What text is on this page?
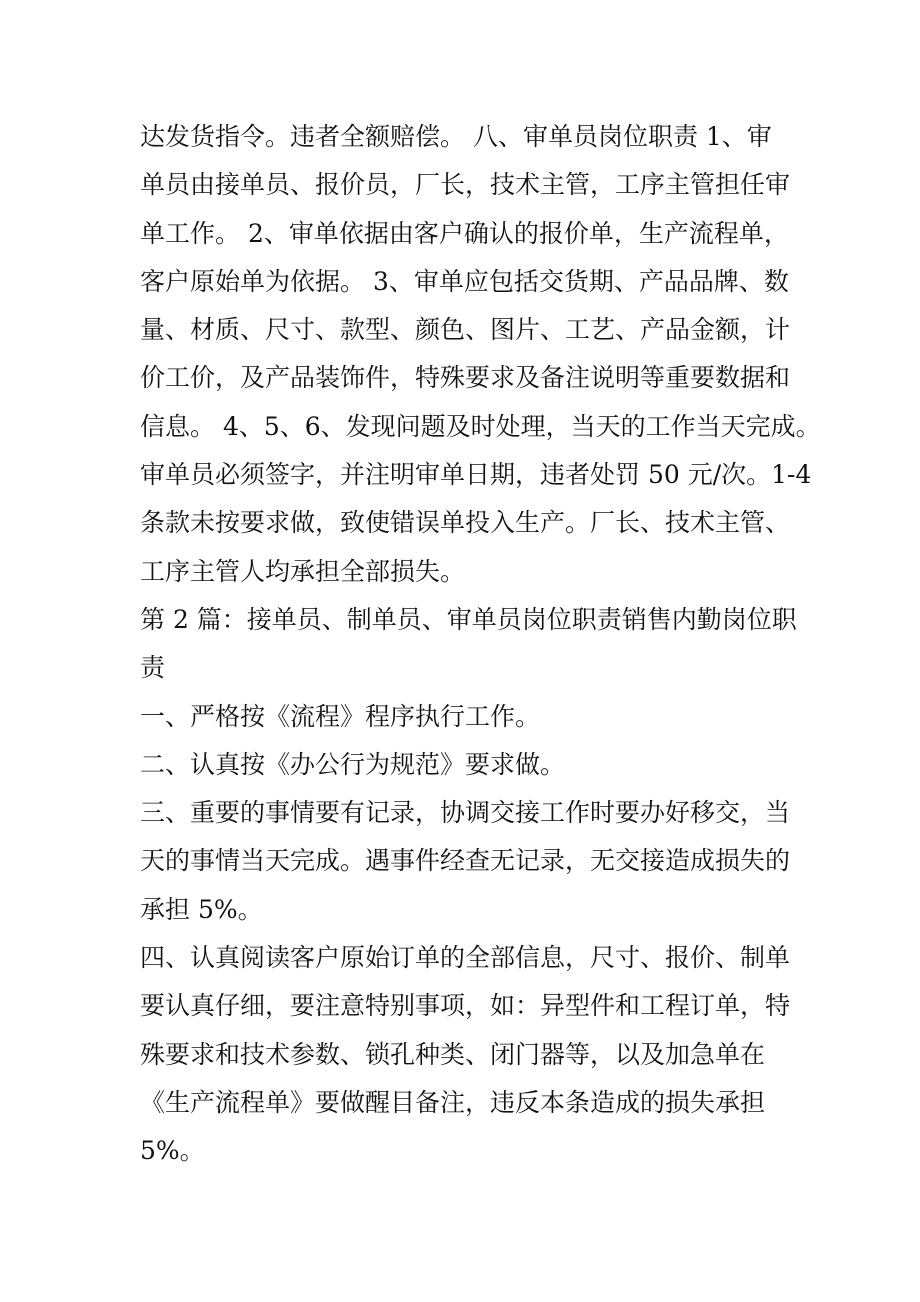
达发货指令。违者全额赔偿。 八、审单员岗位职责 1、审
单员由接单员、报价员，厂长，技术主管，工序主管担任审
单工作。 2、审单依据由客户确认的报价单，生产流程单，
客户原始单为依据。 3、审单应包括交货期、产品品牌、数
量、材质、尺寸、款型、颜色、图片、工艺、产品金额，计
价工价，及产品装饰件，特殊要求及备注说明等重要数据和
信息。 4、5、6、发现问题及时处理，当天的工作当天完成。
审单员必须签字，并注明审单日期，违者处罚 50 元/次。1-4
条款未按要求做，致使错误单投入生产。厂长、技术主管、
工序主管人均承担全部损失。

第 2 篇：接单员、制单员、审单员岗位职责销售内勤岗位职
责

一、严格按《流程》程序执行工作。

二、认真按《办公行为规范》要求做。

三、重要的事情要有记录，协调交接工作时要办好移交，当
天的事情当天完成。遇事件经查无记录，无交接造成损失的
承担 5%。

四、认真阅读客户原始订单的全部信息，尺寸、报价、制单
要认真仔细，要注意特别事项，如：异型件和工程订单，特
殊要求和技术参数、锁孔种类、闭门器等，以及加急单在
《生产流程单》要做醒目备注，违反本条造成的损失承担
5%。
